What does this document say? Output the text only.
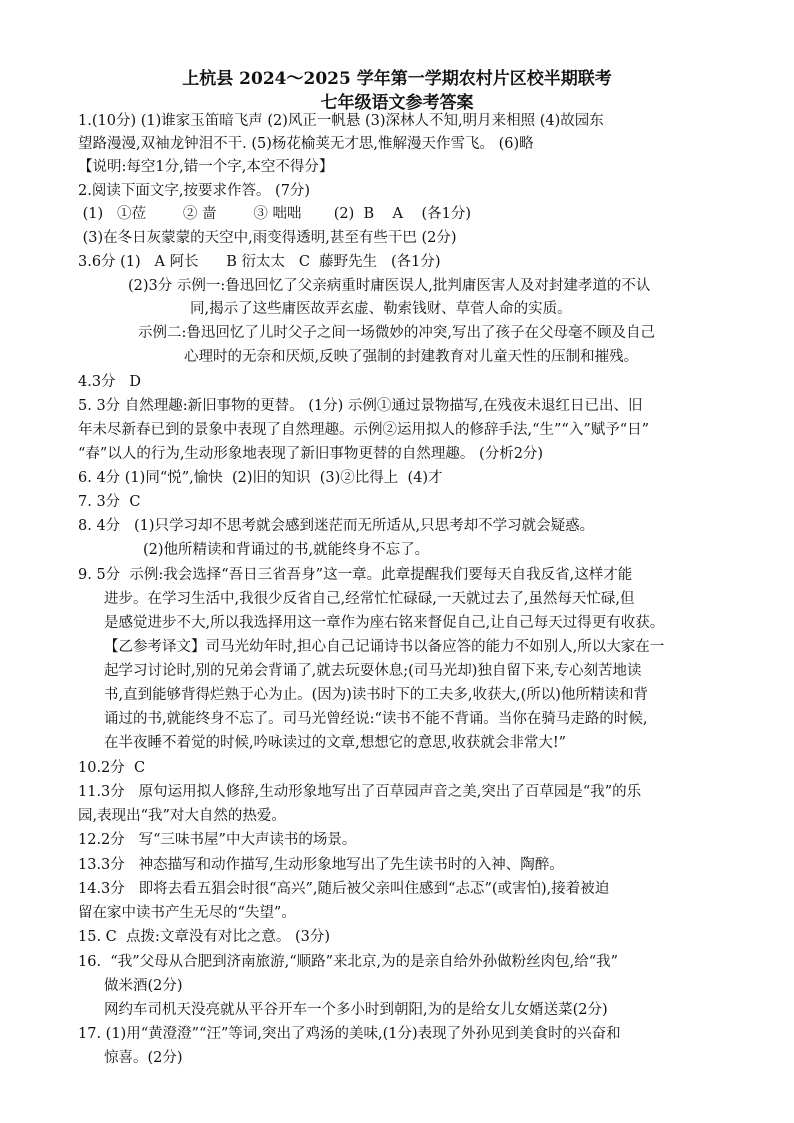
上杭县 2024～2025 学年第一学期农村片区校半期联考
七年级语文参考答案
1.(10分) (1)谁家玉笛暗飞声 (2)风正一帆悬 (3)深林人不知,明月来相照 (4)故园东
望路漫漫,双袖龙钟泪不干. (5)杨花榆荚无才思,惟解漫天作雪飞。 (6)略
【说明:每空1分,错一个字,本空不得分】
2.阅读下面文字,按要求作答。 (7分)
(1)   ①莅        ② 啬        ③ 咄咄       (2)  B    A    (各1分)
(3)在冬日灰蒙蒙的天空中,雨变得透明,甚至有些干巴 (2分)
3.6分 (1)   A 阿长      B 衍太太   C  藤野先生   (各1分)
(2)3分 示例一:鲁迅回忆了父亲病重时庸医误人,批判庸医害人及对封建孝道的不认
同,揭示了这些庸医故弄玄虚、勒索钱财、草菅人命的实质。
示例二:鲁迅回忆了儿时父子之间一场微妙的冲突,写出了孩子在父母毫不顾及自己
心理时的无奈和厌烦,反映了强制的封建教育对儿童天性的压制和摧残。
4.3分   D
5. 3分 自然理趣:新旧事物的更替。 (1分) 示例①通过景物描写,在残夜未退红日已出、旧
年未尽新春已到的景象中表现了自然理趣。示例②运用拟人的修辞手法,“生”“入”赋予“日”
“春”以人的行为,生动形象地表现了新旧事物更替的自然理趣。 (分析2分)
6. 4分 (1)同“悦”,愉快  (2)旧的知识  (3)②比得上  (4)才
7. 3分  C
8. 4分   (1)只学习却不思考就会感到迷茫而无所适从,只思考却不学习就会疑惑。
(2)他所精读和背诵过的书,就能终身不忘了。
9. 5分  示例:我会选择“吾日三省吾身”这一章。此章提醒我们要每天自我反省,这样才能
进步。在学习生活中,我很少反省自己,经常忙忙碌碌,一天就过去了,虽然每天忙碌,但
是感觉进步不大,所以我选择用这一章作为座右铭来督促自己,让自己每天过得更有收获。
【乙参考译文】司马光幼年时,担心自己记诵诗书以备应答的能力不如别人,所以大家在一
起学习讨论时,别的兄弟会背诵了,就去玩耍休息;(司马光却)独自留下来,专心刻苦地读
书,直到能够背得烂熟于心为止。(因为)读书时下的工夫多,收获大,(所以)他所精读和背
诵过的书,就能终身不忘了。司马光曾经说:“读书不能不背诵。当你在骑马走路的时候,
在半夜睡不着觉的时候,吟咏读过的文章,想想它的意思,收获就会非常大!”
10.2分  C
11.3分   原句运用拟人修辞,生动形象地写出了百草园声音之美,突出了百草园是“我”的乐
园,表现出“我”对大自然的热爱。
12.2分   写“三味书屋”中大声读书的场景。
13.3分   神态描写和动作描写,生动形象地写出了先生读书时的入神、陶醉。
14.3分   即将去看五猖会时很“高兴”,随后被父亲叫住感到“忐忑”(或害怕),接着被迫
留在家中读书产生无尽的“失望”。
15. C  点拨:文章没有对比之意。 (3分)
16.  “我”父母从合肥到济南旅游,“顺路”来北京,为的是亲自给外孙做粉丝肉包,给“我”
做米酒(2分)
网约车司机天没亮就从平谷开车一个多小时到朝阳,为的是给女儿女婿送菜(2分)
17. (1)用“黄澄澄”“汪”等词,突出了鸡汤的美味,(1分)表现了外孙见到美食时的兴奋和
惊喜。(2分)
